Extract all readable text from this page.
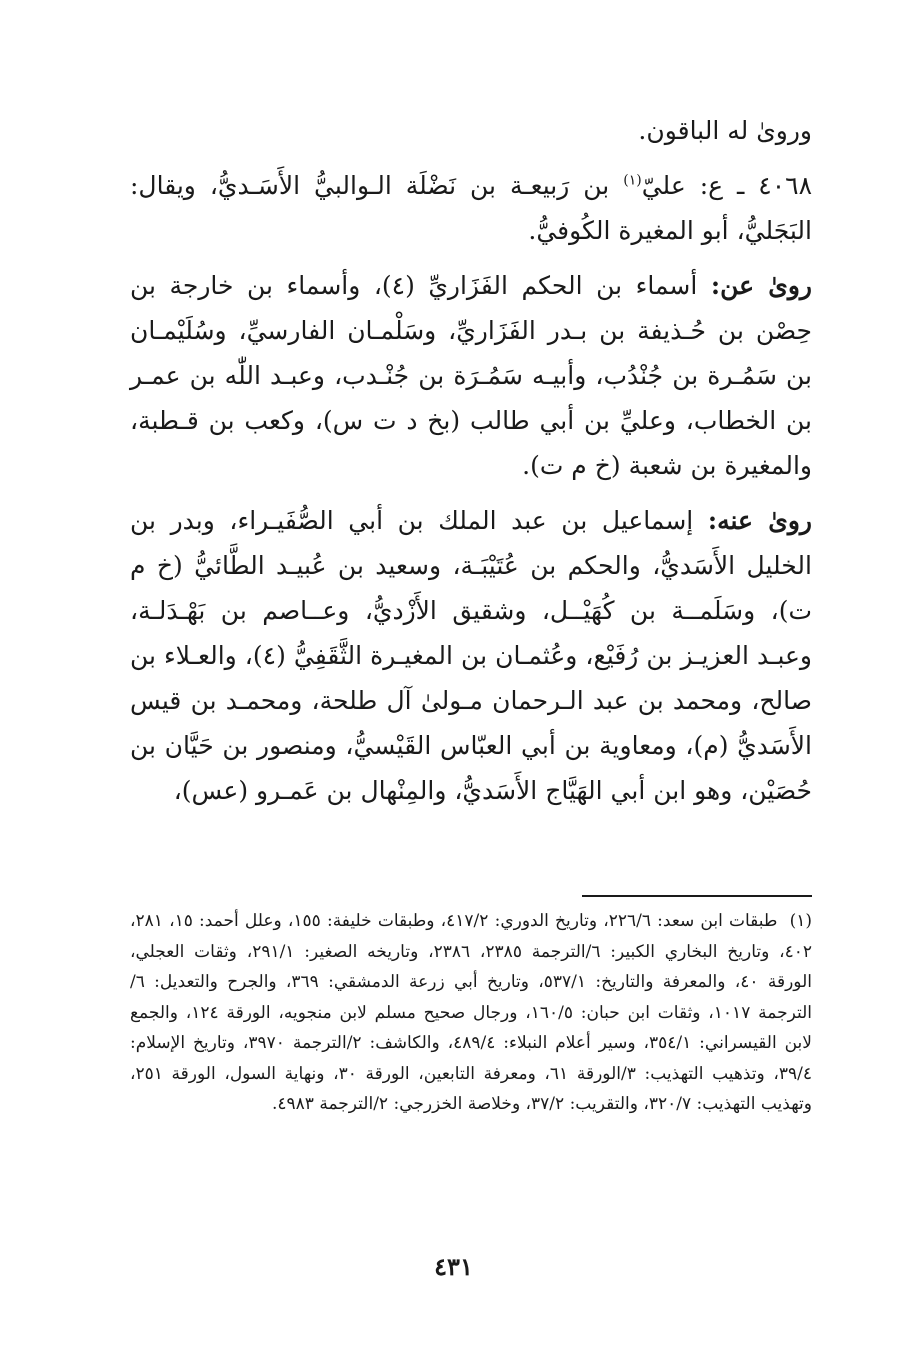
وروىٰ له الباقون.

٤٠٦٨ ـ ع: عليّ$^{(١)}$ بن رَبيعـة بن نَضْلَة الـوالبيُّ الأَسَـديُّ، ويقال: البَجَليُّ، أبو المغيرة الكُوفيُّ.

روىٰ عن: أسماء بن الحكم الفَزَاريِّ (٤)، وأسماء بن خارجة بن حِصْن بن حُـذيفة بن بـدر الفَزَاريِّ، وسَلْمـان الفارسيِّ، وسُلَيْمـان بن سَمُـرة بن جُنْدُب، وأبيـه سَمُـرَة بن جُنْـدب، وعبـد اللّٰه بن عمـر بن الخطاب، وعليِّ بن أبي طالب (بخ د ت س)، وكعب بن قـطبة، والمغيرة بن شعبة (خ م ت).

روىٰ عنه: إسماعيل بن عبد الملك بن أبي الصُّفَيـراء، وبدر بن الخليل الأَسَديُّ، والحكم بن عُتَيْبَـة، وسعيد بن عُبيـد الطَّائيُّ (خ م ت)، وسَلَمــة بن كُهَيْــل، وشقيق الأَزْديُّ، وعــاصم بن بَهْـدَلـة، وعبـد العزيـز بن رُفَيْع، وعُثمـان بن المغيـرة الثَّقَفِيُّ (٤)، والعـلاء بن صالح، ومحمد بن عبد الـرحمان مـولىٰ آل طلحة، ومحمـد بن قيس الأَسَديُّ (م)، ومعاوية بن أبي العبّاس القَيْسيُّ، ومنصور بن حَيَّان بن حُصَيْن، وهو ابن أبي الهَيَّاج الأَسَديُّ، والمِنْهال بن عَمـرو (عس)،

(١) طبقات ابن سعد: ٢٢٦/٦، وتاريخ الدوري: ٤١٧/٢، وطبقات خليفة: ١٥٥، وعلل أحمد: ١٥، ٢٨١، ٤٠٢، وتاريخ البخاري الكبير: ٦/الترجمة ٢٣٨٥، ٢٣٨٦، وتاريخه الصغير: ٢٩١/١، وثقات العجلي، الورقة ٤٠، والمعرفة والتاريخ: ٥٣٧/١، وتاريخ أبي زرعة الدمشقي: ٣٦٩، والجرح والتعديل: ٦/الترجمة ١٠١٧، وثقات ابن حبان: ١٦٠/٥، ورجال صحيح مسلم لابن منجويه، الورقة ١٢٤، والجمع لابن القيسراني: ٣٥٤/١، وسير أعلام النبلاء: ٤٨٩/٤، والكاشف: ٢/الترجمة ٣٩٧٠، وتاريخ الإسلام: ٣٩/٤، وتذهيب التهذيب: ٣/الورقة ٦١، ومعرفة التابعين، الورقة ٣٠، ونهاية السول، الورقة ٢٥١، وتهذيب التهذيب: ٣٢٠/٧، والتقريب: ٣٧/٢، وخلاصة الخزرجي: ٢/الترجمة ٤٩٨٣.
٤٣١
